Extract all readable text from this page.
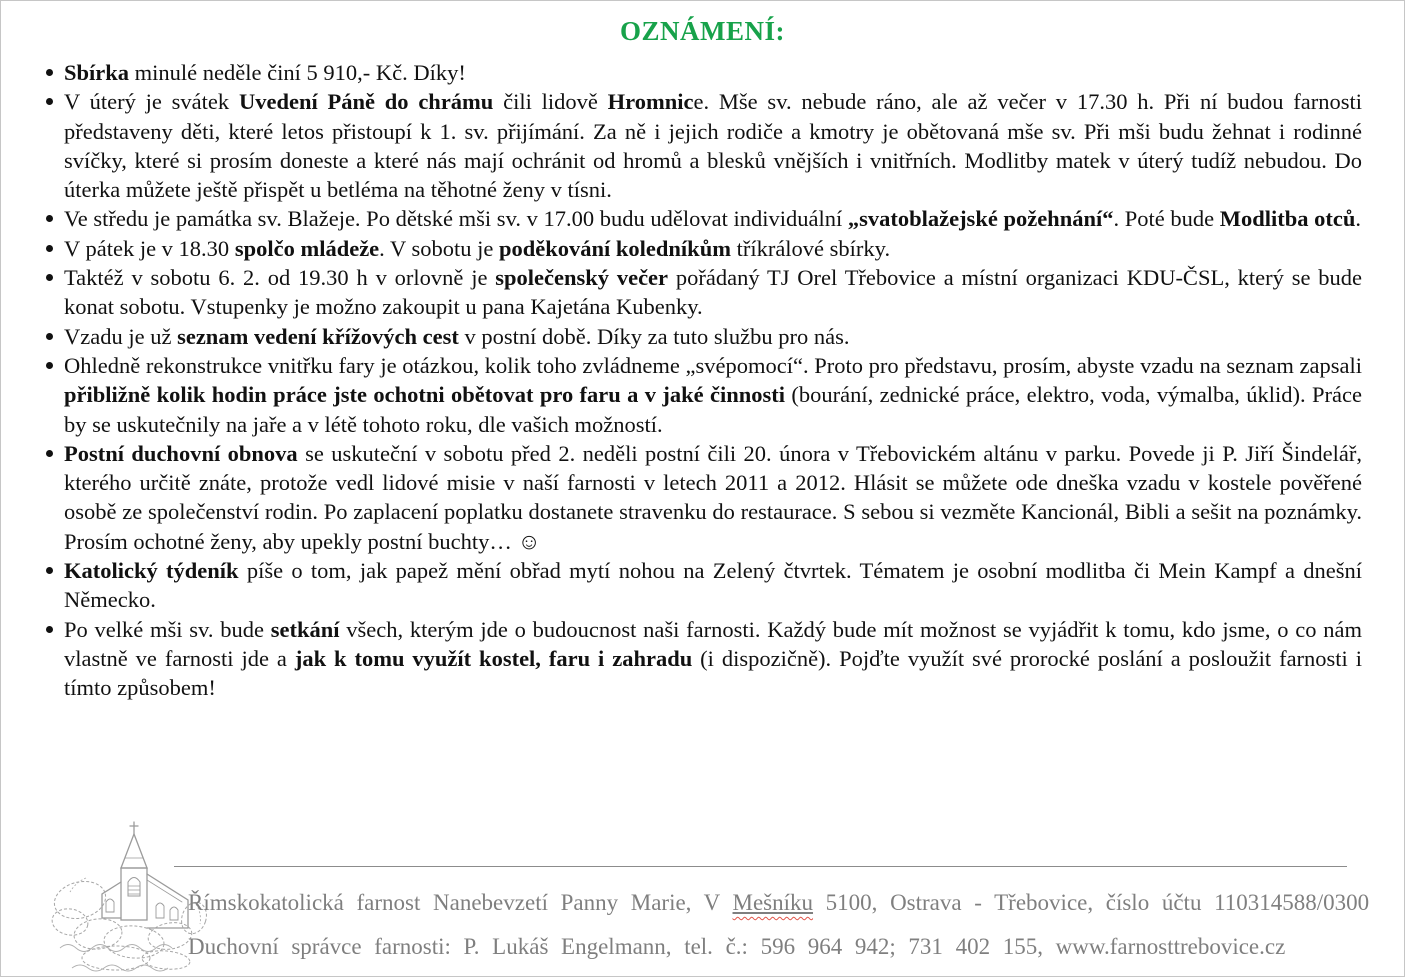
OZNÁMENÍ:
Sbírka minulé neděle činí 5 910,- Kč. Díky!
V úterý je svátek Uvedení Páně do chrámu čili lidově Hromnice. Mše sv. nebude ráno, ale až večer v 17.30 h. Při ní budou farnosti představeny děti, které letos přistoupí k 1. sv. přijímání. Za ně i jejich rodiče a kmotry je obětovaná mše sv. Při mši budu žehnat i rodinné svíčky, které si prosím doneste a které nás mají ochránit od hromů a blesků vnějších i vnitřních. Modlitby matek v úterý tudíž nebudou. Do úterka můžete ještě přispět u betléma na těhotné ženy v tísni.
Ve středu je památka sv. Blažeje. Po dětské mši sv. v 17.00 budu udělovat individuální „svatoblažejské požehnání“. Poté bude Modlitba otců.
V pátek je v 18.30 spolčo mládeže. V sobotu je poděkování koledníkům tříkrálové sbírky.
Taktéž v sobotu 6. 2. od 19.30 h v orlovně je společenský večer pořádaný TJ Orel Třebovice a místní organizaci KDU-ČSL, který se bude konat sobotu. Vstupenky je možno zakoupit u pana Kajetána Kubenky.
Vzadu je už seznam vedení křížových cest v postní době. Díky za tuto službu pro nás.
Ohledně rekonstrukce vnitřku fary je otázkou, kolik toho zvládneme „svépomocí“. Proto pro představu, prosím, abyste vzadu na seznam zapsali přibližně kolik hodin práce jste ochotni obětovat pro faru a v jaké činnosti (bourání, zednické práce, elektro, voda, výmalba, úklid). Práce by se uskutečnily na jaře a v létě tohoto roku, dle vašich možností.
Postní duchovní obnova se uskuteční v sobotu před 2. neděli postní čili 20. února v Třebovickém altánu v parku. Povede ji P. Jiří Šindelář, kterého určitě znáte, protože vedl lidové misie v naší farnosti v letech 2011 a 2012. Hlásit se můžete ode dneška vzadu v kostele pověřené osobě ze společenství rodin. Po zaplacení poplatku dostanete stravenku do restaurace. S sebou si vezměte Kancionál, Bibli a sešit na poznámky. Prosím ochotné ženy, aby upekly postní buchty… ☺
Katolický týdeník píše o tom, jak papež mění obřad mytí nohou na Zelený čtvrtek. Tématem je osobní modlitba či Mein Kampf a dnešní Německo.
Po velké mši sv. bude setkání všech, kterým jde o budoucnost naši farnosti. Každý bude mít možnost se vyjádřit k tomu, kdo jsme, o co nám vlastně ve farnosti jde a jak k tomu využít kostel, faru i zahradu (i dispozičně). Pojďte využít své prorocké poslání a posloužit farnosti i tímto způsobem!

Římskokatolická farnost Nanebevzetí Panny Marie, V Mešníku 5100, Ostrava - Třebovice, číslo účtu 110314588/0300

Duchovní správce farnosti: P. Lukáš Engelmann, tel. č.: 596 964 942; 731 402 155, www.farnosttrebovice.cz
